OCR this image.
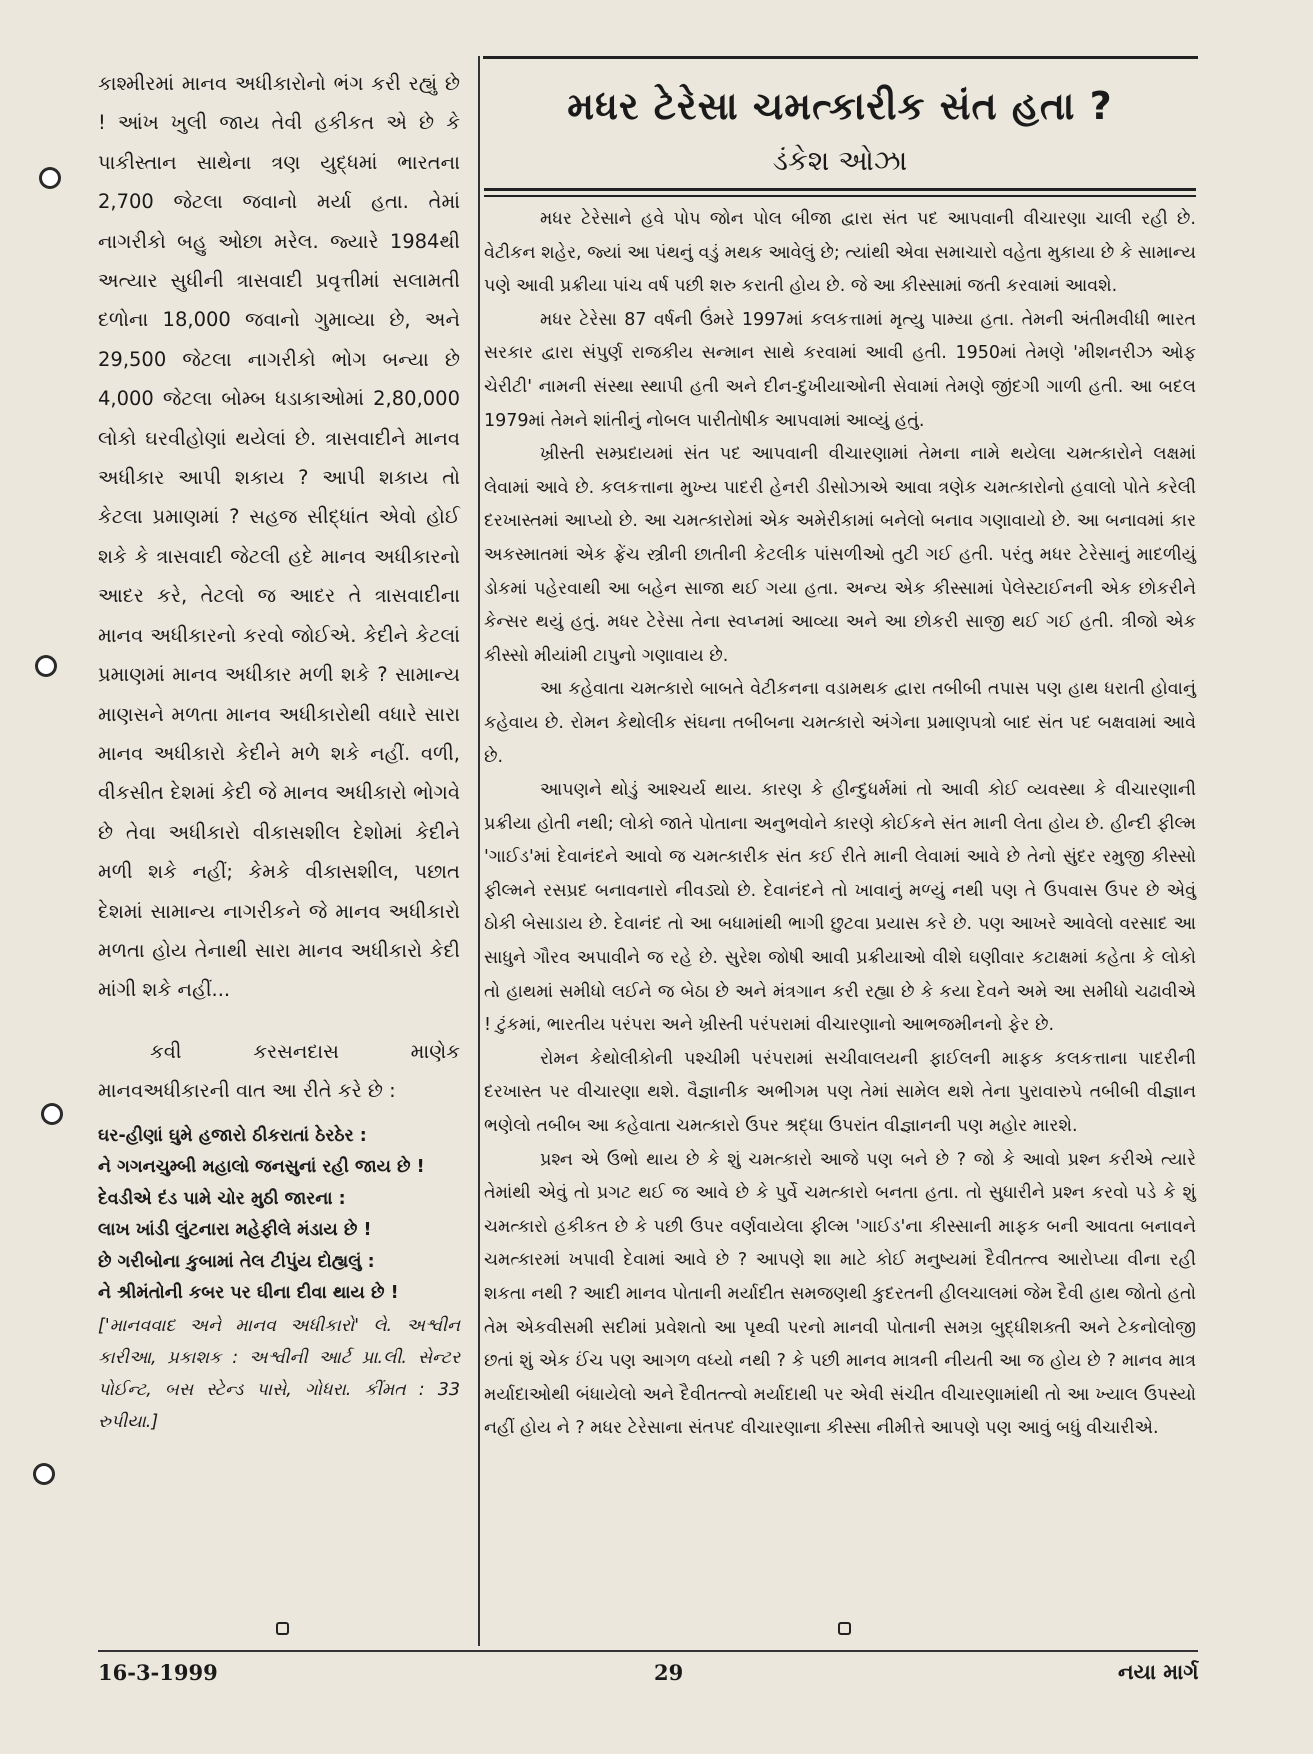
કાશ્મીરમાં માનવ અધીકારોનો ભંગ કરી રહ્યું છે ! આંખ ખુલી જાય તેવી હકીકત એ છે કે પાકીસ્તાન સાથેના ત્રણ યુદ્ધમાં ભારતના 2,700 જેટલા જવાનો મર્યા હતા. તેમાં નાગરીકો બહુ ઓછા મરેલ. જ્યારે 1984થી અત્યાર સુધીની ત્રાસવાદી પ્રવૃત્તીમાં સલામતી દળોના 18,000 જવાનો ગુમાવ્યા છે, અને 29,500 જેટલા નાગરીકો ભોગ બન્યા છે 4,000 જેટલા બોમ્બ ધડાકાઓમાં 2,80,000 લોકો ઘરવીહોણાં થયેલાં છે. ત્રાસવાદીને માનવ અધીકાર આપી શકાય ? આપી શકાય તો કેટલા પ્રમાણમાં ? સહજ સીદ્ધાંત એવો હોઈ શકે કે ત્રાસવાદી જેટલી હદે માનવ અધીકારનો આદર કરે, તેટલો જ આદર તે ત્રાસવાદીના માનવ અધીકારનો કરવો જોઈએ. કેદીને કેટલાં પ્રમાણમાં માનવ અધીકાર મળી શકે ? સામાન્ય માણસને મળતા માનવ અધીકારોથી વધારે સારા માનવ અધીકારો કેદીને મળે શકે નહીં. વળી, વીકસીત દેશમાં કેદી જે માનવ અધીકારો ભોગવે છે તેવા અધીકારો વીકાસશીલ દેશોમાં કેદીને મળી શકે નહીં; કેમકે વીકાસશીલ, પછાત દેશમાં સામાન્ય નાગરીકને જે માનવ અધીકારો મળતા હોય તેનાથી સારા માનવ અધીકારો કેદી માંગી શકે નહીં...

કવી કરસનદાસ માણેક માનવઅધીકારની વાત આ રીતે કરે છે :

ઘર-હીણાં ઘુમે હજારો ઠીકરાતાં ઠેરઠેર :
ને ગગનચુમ્બી મહાલો જનસુનાં રહી જાય છે !
દેવડીએ દંડ પામે ચોર મુઠી જારના :
લાખ ખાંડી લુંટનારા મહેફીલે મંડાય છે !
છે ગરીબોના કુબામાં તેલ ટીપુંય દોહ્યલું :
ને શ્રીમંતોની કબર પર ઘીના દીવા થાય છે !

['માનવવાદ અને માનવ અધીકારો' લે. અશ્વીન કારીઆ, પ્રકાશક : અશ્વીની આર્ટ પ્રા.લી. સેન્ટર પોઈન્ટ, બસ સ્ટેન્ડ પાસે, ગોધરા. કીંમત : 33 રુપીયા.]

મધર ટેરેસા ચમત્કારીક સંત હતા ?
ડંકેશ ઓઝા

મધર ટેરેસાને હવે પોપ જોન પોલ બીજા દ્વારા સંત પદ આપવાની વીચારણા ચાલી રહી છે. વેટીકન શહેર, જ્યાં આ પંથનું વડું મથક આવેલું છે; ત્યાંથી એવા સમાચારો વહેતા મુકાયા છે કે સામાન્ય પણે આવી પ્રક્રીયા પાંચ વર્ષ પછી શરુ કરાતી હોય છે. જે આ કીસ્સામાં જતી કરવામાં આવશે.

મધર ટેરેસા 87 વર્ષની ઉંમરે 1997માં કલકત્તામાં મૃત્યુ પામ્યા હતા. તેમની અંતીમવીધી ભારત સરકાર દ્વારા સંપુર્ણ રાજકીય સન્માન સાથે કરવામાં આવી હતી. 1950માં તેમણે 'મીશનરીઝ ઓફ ચેરીટી' નામની સંસ્થા સ્થાપી હતી અને દીન-દુખીયાઓની સેવામાં તેમણે જીંદગી ગાળી હતી. આ બદલ 1979માં તેમને શાંતીનું નોબલ પારીતોષીક આપવામાં આવ્યું હતું.

ખ્રીસ્તી સમ્પ્રદાયમાં સંત પદ આપવાની વીચારણામાં તેમના નામે થયેલા ચમત્કારોને લક્ષમાં લેવામાં આવે છે. કલકત્તાના મુખ્ય પાદરી હેનરી ડીસોઝાએ આવા ત્રણેક ચમત્કારોનો હવાલો પોતે કરેલી દરખાસ્તમાં આપ્યો છે. આ ચમત્કારોમાં એક અમેરીકામાં બનેલો બનાવ ગણાવાયો છે. આ બનાવમાં કાર અકસ્માતમાં એક ફ્રેંચ સ્ત્રીની છાતીની કેટલીક પાંસળીઓ તુટી ગઈ હતી. પરંતુ મધર ટેરેસાનું માદળીયું ડોકમાં પહેરવાથી આ બહેન સાજા થઈ ગયા હતા. અન્ય એક કીસ્સામાં પેલેસ્ટાઈનની એક છોકરીને કેન્સર થયું હતું. મધર ટેરેસા તેના સ્વપ્નમાં આવ્યા અને આ છોકરી સાજી થઈ ગઈ હતી. ત્રીજો એક કીસ્સો મીયાંમી ટાપુનો ગણાવાય છે.

આ કહેવાતા ચમત્કારો બાબતે વેટીકનના વડામથક દ્વારા તબીબી તપાસ પણ હાથ ધરાતી હોવાનું કહેવાય છે. રોમન કેથોલીક સંઘના તબીબના ચમત્કારો અંગેના પ્રમાણપત્રો બાદ સંત પદ બક્ષવામાં આવે છે.

આપણને થોડું આશ્ચર્ય થાય. કારણ કે હીન્દુધર્મમાં તો આવી કોઈ વ્યવસ્થા કે વીચારણાની પ્રક્રીયા હોતી નથી; લોકો જાતે પોતાના અનુભવોને કારણે કોઈકને સંત માની લેતા હોય છે. હીન્દી ફીલ્મ 'ગાઈડ'માં દેવાનંદને આવો જ ચમત્કારીક સંત કઈ રીતે માની લેવામાં આવે છે તેનો સુંદર રમુજી કીસ્સો ફીલ્મને રસપ્રદ બનાવનારો નીવડ્યો છે. દેવાનંદને તો ખાવાનું મળ્યું નથી પણ તે ઉપવાસ ઉપર છે એવું ઠોકી બેસાડાય છે. દેવાનંદ તો આ બધામાંથી ભાગી છુટવા પ્રયાસ કરે છે. પણ આખરે આવેલો વરસાદ આ સાધુને ગૌરવ અપાવીને જ રહે છે. સુરેશ જોષી આવી પ્રક્રીયાઓ વીશે ઘણીવાર કટાક્ષમાં કહેતા કે લોકો તો હાથમાં સમીધો લઈને જ બેઠા છે અને મંત્રગાન કરી રહ્યા છે કે કયા દેવને અમે આ સમીધો ચઢાવીએ ! ટુંકમાં, ભારતીય પરંપરા અને ખ્રીસ્તી પરંપરામાં વીચારણાનો આભજમીનનો ફેર છે.

રોમન કેથોલીકોની પશ્ચીમી પરંપરામાં સચીવાલયની ફાઈલની માફક કલકત્તાના પાદરીની દરખાસ્ત પર વીચારણા થશે. વૈજ્ઞાનીક અભીગમ પણ તેમાં સામેલ થશે તેના પુરાવારુપે તબીબી વીજ્ઞાન ભણેલો તબીબ આ કહેવાતા ચમત્કારો ઉપર શ્રદ્ધા ઉપરાંત વીજ્ઞાનની પણ મહોર મારશે.

પ્રશ્ન એ ઉભો થાય છે કે શું ચમત્કારો આજે પણ બને છે ? જો કે આવો પ્રશ્ન કરીએ ત્યારે તેમાંથી એવું તો પ્રગટ થઈ જ આવે છે કે પુર્વે ચમત્કારો બનતા હતા. તો સુધારીને પ્રશ્ન કરવો પડે કે શું ચમત્કારો હકીકત છે કે પછી ઉપર વર્ણવાયેલા ફીલ્મ 'ગાઈડ'ના કીસ્સાની માફક બની આવતા બનાવને ચમત્કારમાં ખપાવી દેવામાં આવે છે ? આપણે શા માટે કોઈ મનુષ્યમાં દૈવીતત્ત્વ આરોપ્યા વીના રહી શકતા નથી ? આદી માનવ પોતાની મર્યાદીત સમજણથી કુદરતની હીલચાલમાં જેમ દૈવી હાથ જોતો હતો તેમ એકવીસમી સદીમાં પ્રવેશતો આ પૃથ્વી પરનો માનવી પોતાની સમગ્ર બુદ્ધીશક્તી અને ટેકનોલોજી છતાં શું એક ઈંચ પણ આગળ વધ્યો નથી ? કે પછી માનવ માત્રની નીયતી આ જ હોય છે ? માનવ માત્ર મર્યાદાઓથી બંધાયેલો અને દૈવીતત્ત્વો મર્યાદાથી પર એવી સંચીત વીચારણામાંથી તો આ ખ્યાલ ઉપસ્યો નહીં હોય ને ? મધર ટેરેસાના સંતપદ વીચારણાના કીસ્સા નીમીત્તે આપણે પણ આવું બધું વીચારીએ.

16-3-1999	29	નયા માર્ગ
